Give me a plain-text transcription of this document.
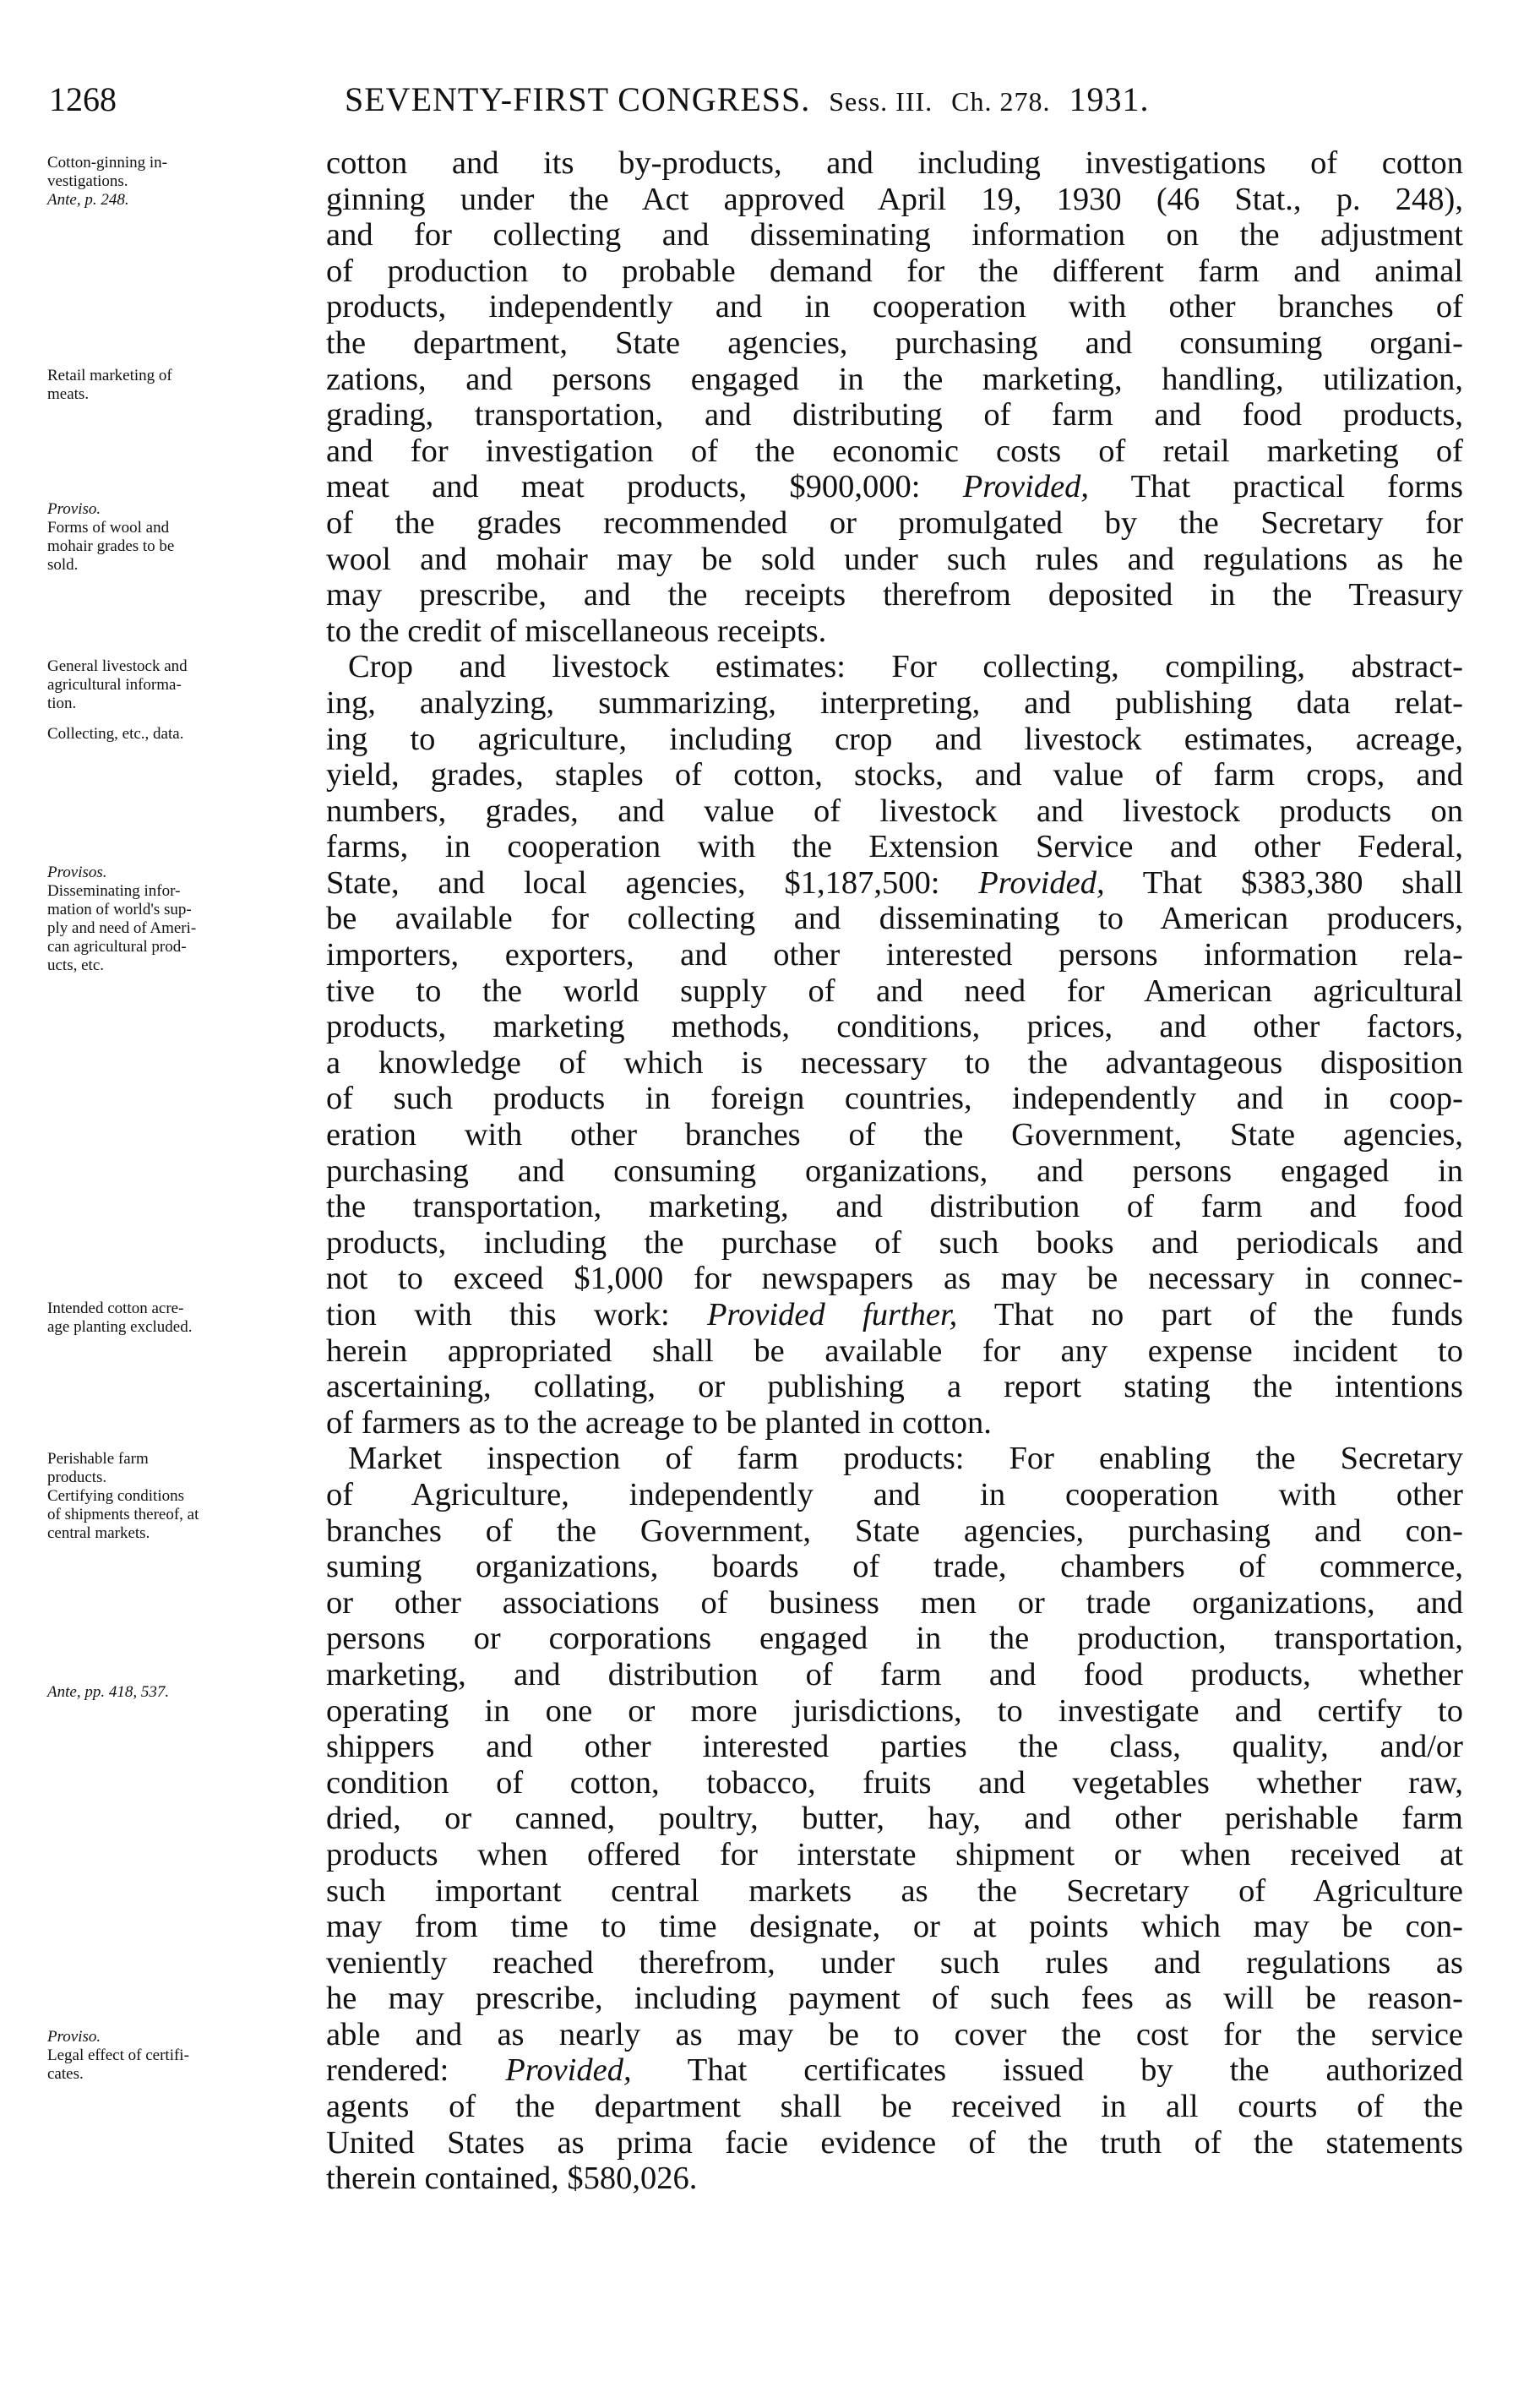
1268	SEVENTY-FIRST CONGRESS. Sess. III. Ch. 278. 1931.
Cotton-ginning in-
vestigations.
Ante, p. 248.
Retail marketing of
meats.
Proviso.
Forms of wool and
mohair grades to be
sold.
General livestock and
agricultural informa-
tion.
Collecting, etc., data.
Provisos.
Disseminating infor-
mation of world's sup-
ply and need of Ameri-
can agricultural prod-
ucts, etc.
Intended cotton acre-
age planting excluded.
Perishable farm
products.
Certifying conditions
of shipments thereof, at
central markets.
Ante, pp. 418, 537.
Proviso.
Legal effect of certifi-
cates.
cotton and its by-products, and including investigations of cotton
ginning under the Act approved April 19, 1930 (46 Stat., p. 248),
and for collecting and disseminating information on the adjustment
of production to probable demand for the different farm and animal
products, independently and in cooperation with other branches of
the department, State agencies, purchasing and consuming organi-
zations, and persons engaged in the marketing, handling, utilization,
grading, transportation, and distributing of farm and food products,
and for investigation of the economic costs of retail marketing of
meat and meat products, $900,000: Provided, That practical forms
of the grades recommended or promulgated by the Secretary for
wool and mohair may be sold under such rules and regulations as he
may prescribe, and the receipts therefrom deposited in the Treasury
to the credit of miscellaneous receipts.
Crop and livestock estimates: For collecting, compiling, abstract-
ing, analyzing, summarizing, interpreting, and publishing data relat-
ing to agriculture, including crop and livestock estimates, acreage,
yield, grades, staples of cotton, stocks, and value of farm crops, and
numbers, grades, and value of livestock and livestock products on
farms, in cooperation with the Extension Service and other Federal,
State, and local agencies, $1,187,500: Provided, That $383,380 shall
be available for collecting and disseminating to American producers,
importers, exporters, and other interested persons information rela-
tive to the world supply of and need for American agricultural
products, marketing methods, conditions, prices, and other factors,
a knowledge of which is necessary to the advantageous disposition
of such products in foreign countries, independently and in coop-
eration with other branches of the Government, State agencies,
purchasing and consuming organizations, and persons engaged in
the transportation, marketing, and distribution of farm and food
products, including the purchase of such books and periodicals and
not to exceed $1,000 for newspapers as may be necessary in connec-
tion with this work: Provided further, That no part of the funds
herein appropriated shall be available for any expense incident to
ascertaining, collating, or publishing a report stating the intentions
of farmers as to the acreage to be planted in cotton.
Market inspection of farm products: For enabling the Secretary
of Agriculture, independently and in cooperation with other
branches of the Government, State agencies, purchasing and con-
suming organizations, boards of trade, chambers of commerce,
or other associations of business men or trade organizations, and
persons or corporations engaged in the production, transportation,
marketing, and distribution of farm and food products, whether
operating in one or more jurisdictions, to investigate and certify to
shippers and other interested parties the class, quality, and/or
condition of cotton, tobacco, fruits and vegetables whether raw,
dried, or canned, poultry, butter, hay, and other perishable farm
products when offered for interstate shipment or when received at
such important central markets as the Secretary of Agriculture
may from time to time designate, or at points which may be con-
veniently reached therefrom, under such rules and regulations as
he may prescribe, including payment of such fees as will be reason-
able and as nearly as may be to cover the cost for the service
rendered: Provided, That certificates issued by the authorized
agents of the department shall be received in all courts of the
United States as prima facie evidence of the truth of the statements
therein contained, $580,026.
